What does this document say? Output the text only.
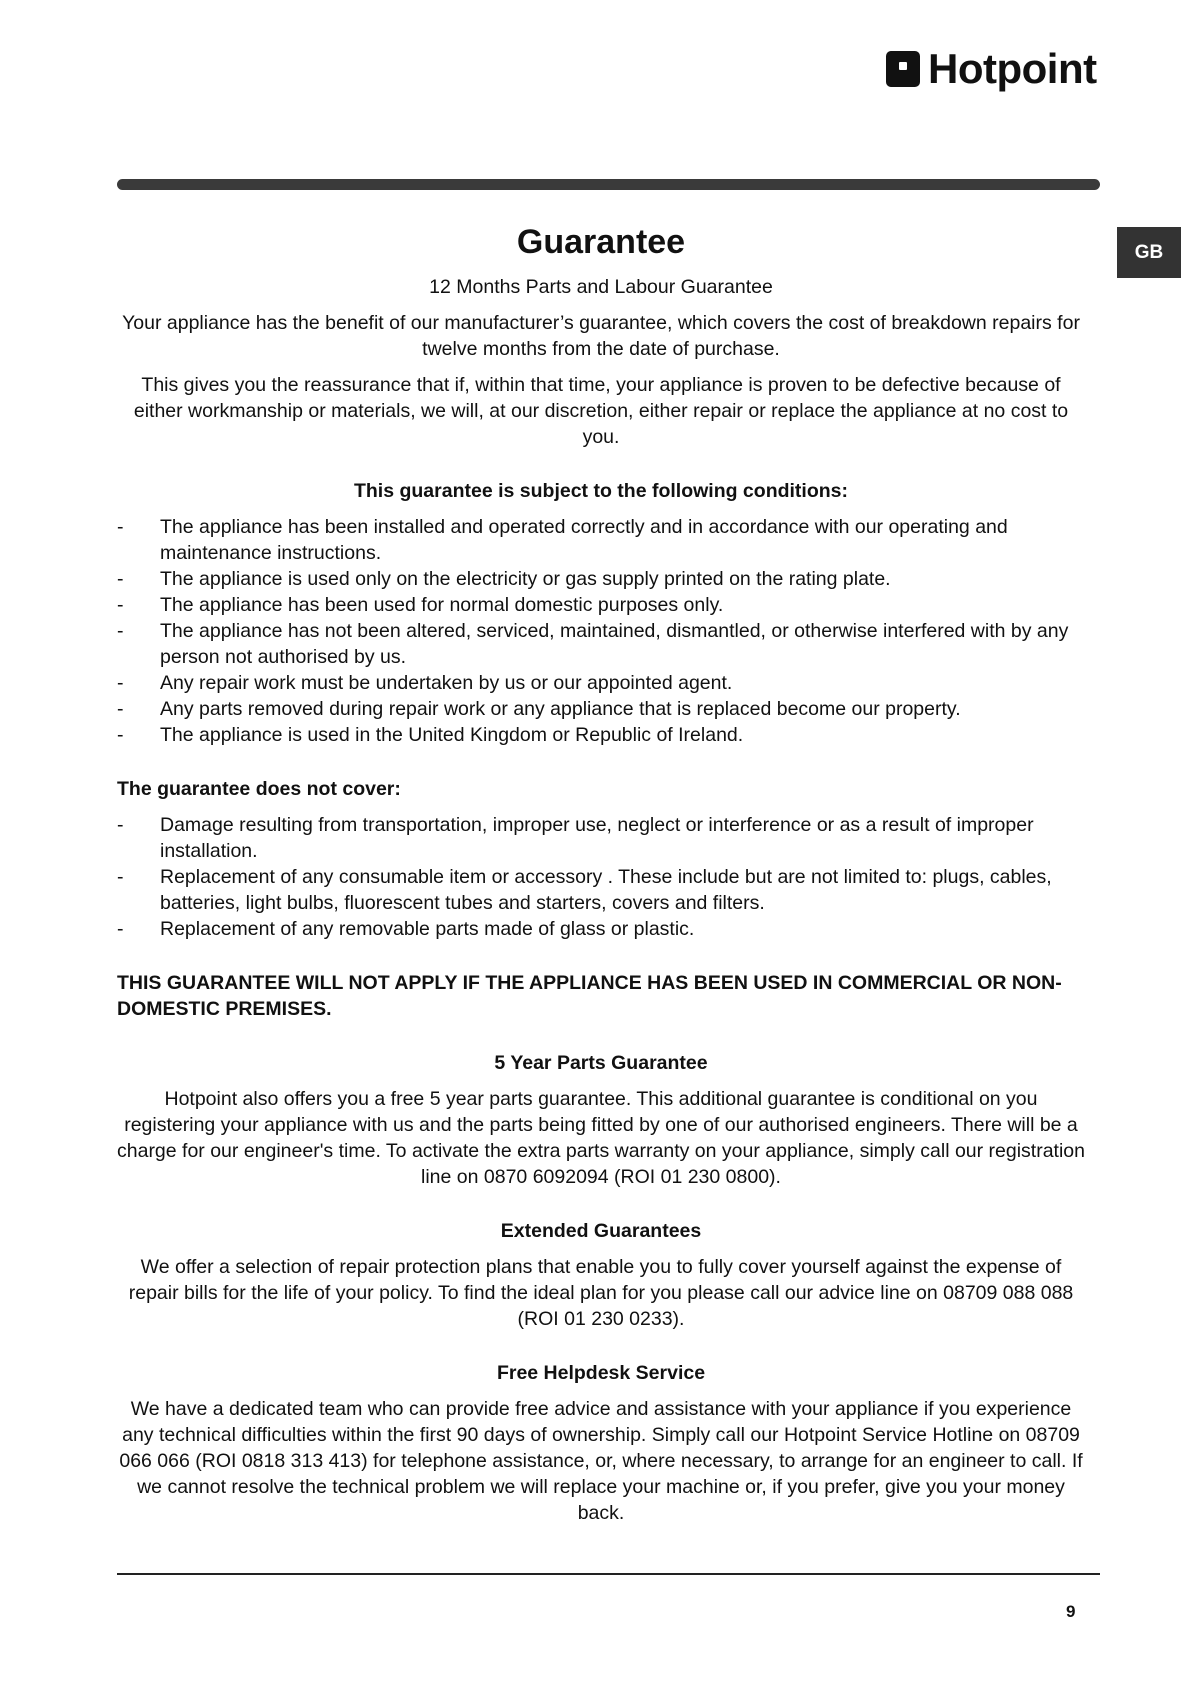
Hotpoint
GB
Guarantee

12 Months Parts and Labour Guarantee

Your appliance has the benefit of our manufacturer’s guarantee, which covers the cost of breakdown repairs for twelve months from the date of purchase.

This gives you the reassurance that if, within that time, your appliance is proven to be defective because of either workmanship or materials, we will, at our discretion, either repair or replace the appliance at no cost to you.

This guarantee is subject to the following conditions:

- The appliance has been installed and operated correctly and in accordance with our operating and maintenance instructions.
- The appliance is used only on the electricity or gas supply printed on the rating plate.
- The appliance has been used for normal domestic purposes only.
- The appliance has not been altered, serviced, maintained, dismantled, or otherwise interfered with by any person not authorised by us.
- Any repair work must be undertaken by us or our appointed agent.
- Any parts removed during repair work or any appliance that is replaced become our property.
- The appliance is used in the United Kingdom or Republic of Ireland.

The guarantee does not cover:

- Damage resulting from transportation, improper use, neglect or interference or as a result of improper installation.
- Replacement of any consumable item or accessory . These include but are not limited to: plugs, cables, batteries, light bulbs, fluorescent tubes and starters, covers and filters.
- Replacement of any removable parts made of glass or plastic.

THIS GUARANTEE WILL NOT APPLY IF THE APPLIANCE HAS BEEN USED IN COMMERCIAL OR NON-DOMESTIC PREMISES.

5 Year Parts Guarantee

Hotpoint also offers you a free 5 year parts guarantee. This additional guarantee is conditional on you registering your appliance with us and the parts being fitted by one of our authorised engineers. There will be a charge for our engineer's time. To activate the extra parts warranty on your appliance, simply call our registration line on 0870 6092094 (ROI 01 230 0800).

Extended Guarantees

We offer a selection of repair protection plans that enable you to fully cover yourself against the expense of repair bills for the life of your policy. To find the ideal plan for you please call our advice line on 08709 088 088 (ROI 01 230 0233).

Free Helpdesk Service

We have a dedicated team who can provide free advice and assistance with your appliance if you experience any technical difficulties within the first 90 days of ownership. Simply call our Hotpoint Service Hotline on 08709 066 066 (ROI 0818 313 413) for telephone assistance, or, where necessary, to arrange for an engineer to call. If we cannot resolve the technical problem we will replace your machine or, if you prefer, give you your money back.

9
